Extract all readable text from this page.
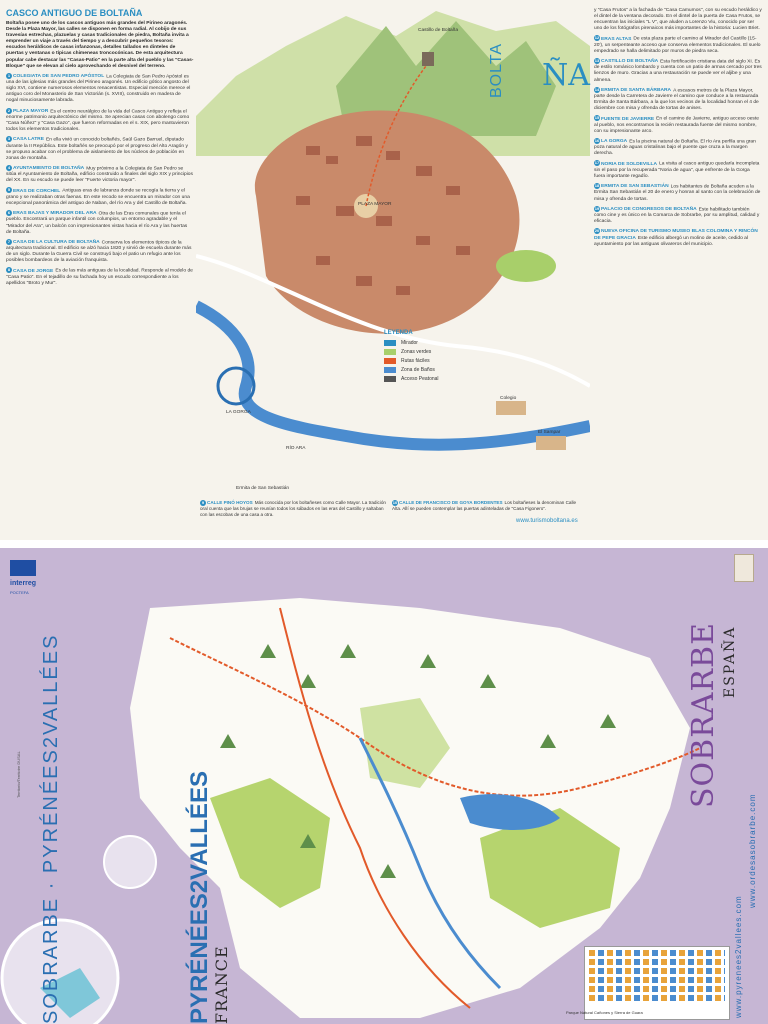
CASCO ANTIGUO DE BOLTAÑA

Boltaña posee uno de los cascos antiguos más grandes del Pirineo aragonés. Desde la Plaza Mayor, las calles se disponen en forma radial. Al cobijo de sus travesías estrechas, plazuelas y casas tradicionales de piedra, Boltaña invita a emprender un viaje a través del tiempo y a descubrir pequeños tesoros: escudos heráldicos de casas infanzonas, detalles tallados en dinteles de puertas y ventanas o típicas chimeneas troncocónicas. De esta arquitectura popular cabe destacar las "Casas-Patio" en la parte alta del pueblo y las "Casas-Bloque" que se elevan al cielo aprovechando el desnivel del terreno.

1 COLEGIATA DE SAN PEDRO APÓSTOL La Colegiata de San Pedro Apóstol es una de las iglesias más grandes del Pirineo aragonés. Un edificio gótico angosto del siglo XVI, contiene numerosos elementos renacentistas. Especial mención merece el antiguo coro del Monasterio de San Victorián (s. XVIII), construido en madera de nogal minuciosamente labrada.

2 PLAZA MAYOR Es el centro neurálgico de la vida del Casco Antiguo y refleja el enorme patrimonio arquitectónico del mismo. Se aprecian casas con abolengo como "Casa Núñez" y "Casa Gazo", que fueron reformadas en el s. XIX, pero mantuvieron todos los elementos tradicionales.

3 CASA LATRE En ella vivió un conocido boltañés, Saúl Gazo Barruel, diputado durante la II República. Este boltañés se preocupó por el progreso del Alto Aragón y se propuso acabar con el problema de aislamiento de los núcleos de población en zonas de montaña.

4 AYUNTAMIENTO DE BOLTAÑA Muy próximo a la Colegiata de San Pedro se sitúa el Ayuntamiento de Boltaña, edificio construido a finales del siglo XIX y principios del XX. En su escudo se puede leer "Fuerte victoria mayor".

5 ERAS DE CORCHEL Antiguas eras de labranza donde se recogía la tierra y el grano y se realizaban otras faenas. En este recodo se encuentra un mirador con una excepcional panorámica del antiguo de Naban, del río Ara y del Castillo de Boltaña.

6 ERAS BAJAS Y MIRADOR DEL ARA Otra de las Eras comunales que tenía el pueblo. Encontrará un parque infantil con columpios, un entorno agradable y el "Mirador del Ara", un balcón con impresionantes vistas hacia el río Ara y las huertas de Boltaña.

7 CASA DE LA CULTURA DE BOLTAÑA Conserva los elementos típicos de la arquitectura tradicional. El edificio se alzó hacia 1820 y sirvió de escuela durante más de un siglo. Durante la Guerra Civil se construyó bajo el patio un refugio ante los posibles bombardeos de la aviación franquista.

8 CASA DE JORGE Es de las más antiguas de la localidad. Responde al modelo de "Casa Patio". En el tejadillo de su fachada hoy un escudo correspondiente a los apellidos "Broto y Mur".

PLAZA MAYOR
LA GORGA
RÍO ARA
Ermita de San Sebastián
Castillo de Boltaña
Colegio
El Sampar
BOLTA ÑA
LEYENDA
Mirador
Zonas verdes
Rutas fáciles
Zona de Baños
Acceso Peatonal

y "Casa Frutos" a la fachada de "Casa Camumos", con su escudo heráldico y el dintel de la ventana decorado. En el dintel de la puerta de Casa Frutos, se encuentran las iniciales "L V", que aluden a Lorenzo Viu, conocido por ser uno de los fotógrafos pirenaicos más importantes de la historia: Lucien Briet.

12 ERAS ALTAS De esta plaza parte el camino al Mirador del Castillo (15-20'), un serpenteante acceso que conserva elementos tradicionales. El suelo empedrado se halla delimitado por muros de piedra seca.

13 CASTILLO DE BOLTAÑA Esta fortificación cristiana data del siglo XI. Es de estilo románico lombardo y cuenta con un patio de armas cercado por tres lienzos de muro. Gracias a una restauración se puede ver el aljibe y una almena.

14 ERMITA DE SANTA BÁRBARA A escasos metros de la Plaza Mayor, parte desde la Carretera de Javierre el camino que conduce a la restaurada Ermita de Santa Bárbara, a la que los vecinos de la localidad honran el 4 de diciembre con misa y ofrenda de tortas de anises.

15 FUENTE DE JAVIERRE En el camino de Javierre, antiguo acceso oeste al pueblo, nos encontramos la recién restaurada fuente del mismo nombre, con su impresionante arco.

16 LA GORGA Es la piscina natural de Boltaña. El río Ara perfila una gran poza natural de aguas cristalinas bajo el puente que cruza a la margen derecha.

17 NORIA DE SOLDEVILLA La visita al casco antiguo quedaría incompleta sin el paso por la recuperada "Noria de agua", que enfrente de la Gorga fuera importante regadío.

18 ERMITA DE SAN SEBASTIÁN Los habitantes de Boltaña acuden a la Ermita San Sebastián el 20 de enero y honran al santo con la celebración de misa y ofrenda de tortas.

19 PALACIO DE CONGRESOS DE BOLTAÑA Este habilitado también como cine y es único en la Comarca de Sobrarbe, por su amplitud, calidad y eficacia.

20 NUEVA OFICINA DE TURISMO MUSEO BLAS COLOMINA Y RINCÓN DE PEPE GRACIA Este edificio albergó un molino de aceite, cedido al ayuntamiento por las antiguas olivareros del municipio.

9 CALLE PINÓ HOYOS Más conocida por los boltañeses como Calle Mayor. La tradición oral cuenta que las brujas se reunían todos los sábados en las eras del Castillo y saltaban con las escobas de una casa a otra.

10 CALLE DE FRANCISCO DE GOYA BORDENTES Los boltañeses la denominan Calle Alta. Allí se pueden contemplar las puertas adinteladas de "Casa Figonero".

www.turismoboltana.es
interreg
POCTEFA
Territorio/Territoire DUSAL SOBRARBE · PYRÉNÉES2VALLÉES	PYRÉNÉES2VALLÉES FRANCE
SOBRARBE ESPAÑA
www.ordesasobrarbe.com
www.pyrenees2vallees.com
Parque Natural Cañones y Sierra de Guara
